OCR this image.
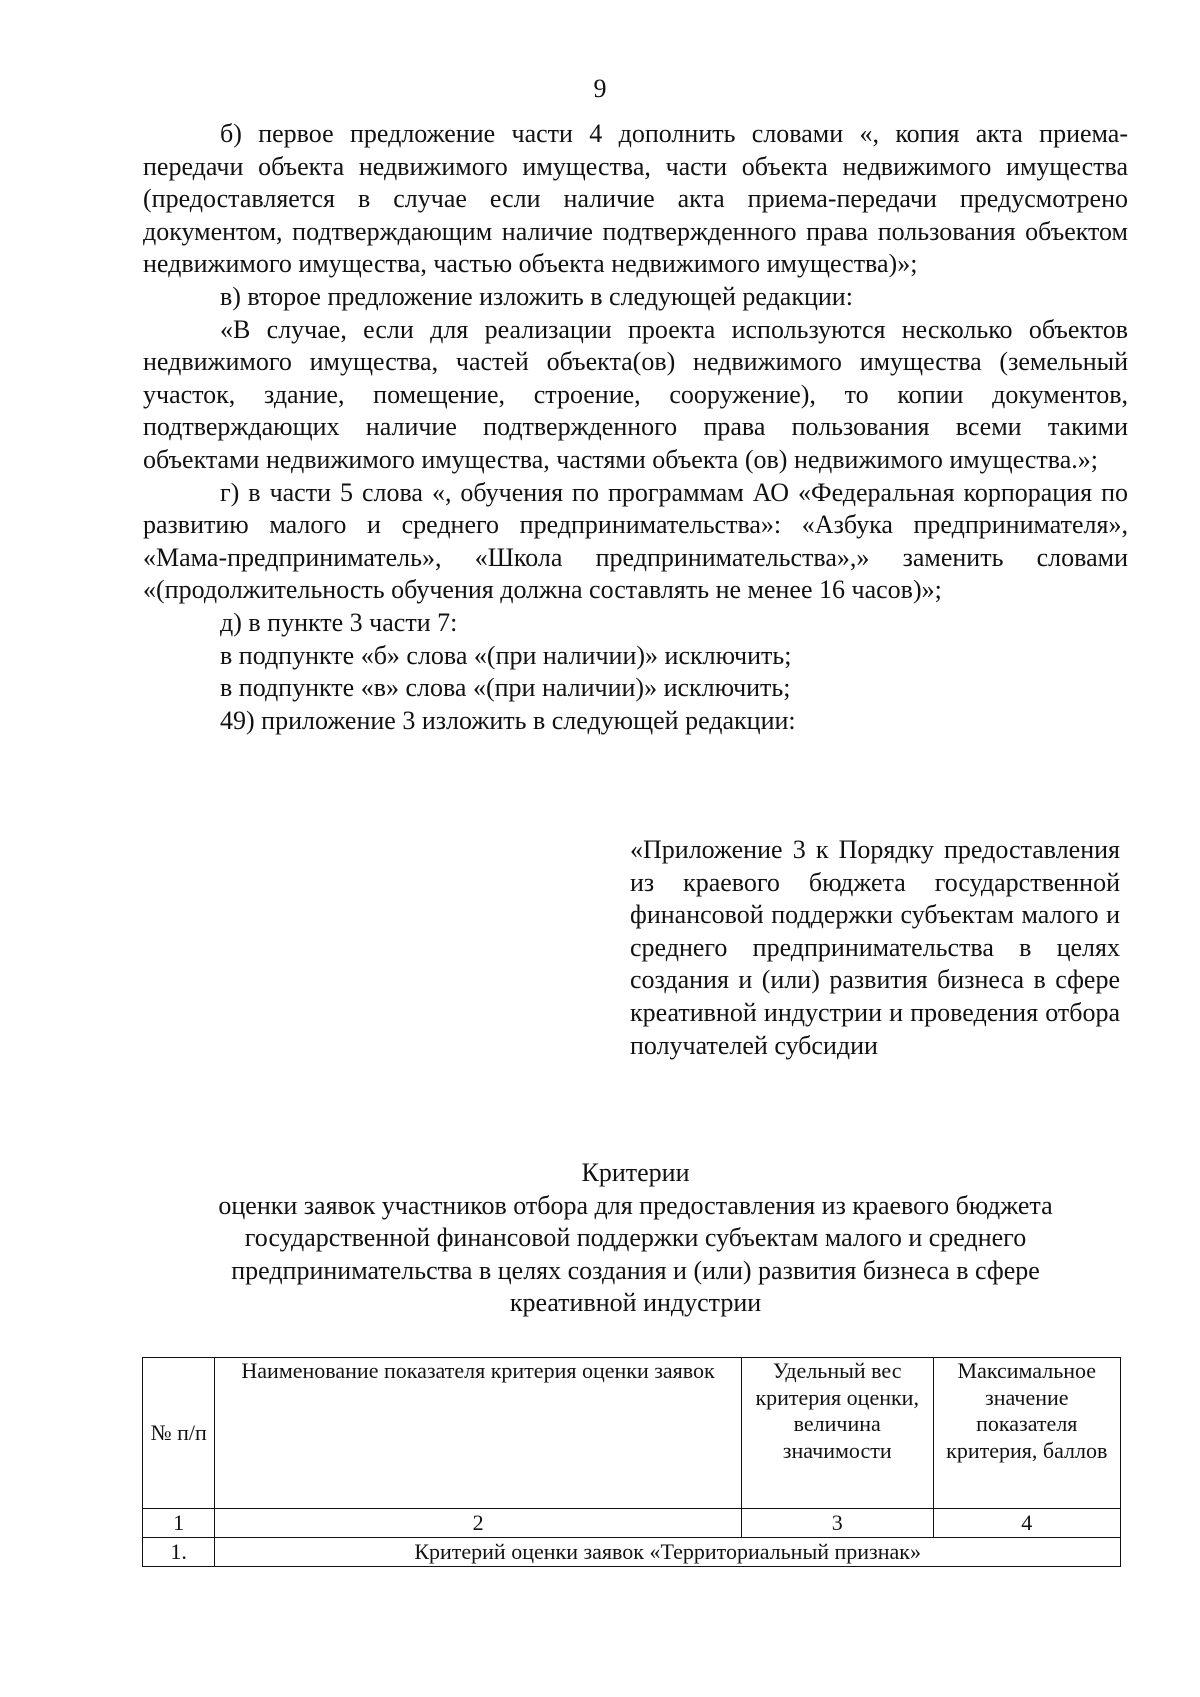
9

б) первое предложение части 4 дополнить словами «, копия акта приема-передачи объекта недвижимого имущества, части объекта недвижимого имущества (предоставляется в случае если наличие акта приема-передачи предусмотрено документом, подтверждающим наличие подтвержденного права пользования объектом недвижимого имущества, частью объекта недвижимого имущества)»;

в) второе предложение изложить в следующей редакции:

«В случае, если для реализации проекта используются несколько объектов недвижимого имущества, частей объекта(ов) недвижимого имущества (земельный участок, здание, помещение, строение, сооружение), то копии документов, подтверждающих наличие подтвержденного права пользования всеми такими объектами недвижимого имущества, частями объекта (ов) недвижимого имущества.»;

г) в части 5 слова «, обучения по программам АО «Федеральная корпорация по развитию малого и среднего предпринимательства»: «Азбука предпринимателя», «Мама-предприниматель», «Школа предпринимательства»,» заменить словами «(продолжительность обучения должна составлять не менее 16 часов)»;

д) в пункте 3 части 7:

в подпункте «б» слова «(при наличии)» исключить;

в подпункте «в» слова «(при наличии)» исключить;

49) приложение 3 изложить в следующей редакции:

«Приложение 3 к Порядку предоставления из краевого бюджета государственной финансовой поддержки субъектам малого и среднего предпринимательства в целях создания и (или) развития бизнеса в сфере креативной индустрии и проведения отбора получателей субсидии
Критерии
оценки заявок участников отбора для предоставления из краевого бюджета
государственной финансовой поддержки субъектам малого и среднего
предпринимательства в целях создания и (или) развития бизнеса в сфере
креативной индустрии
№ п/п	Наименование показателя критерия оценки заявок	Удельный вес критерия оценки, величина значимости	Максимальное значение показателя критерия, баллов
1	2	3	4
1.	Критерий оценки заявок «Территориальный признак»		
